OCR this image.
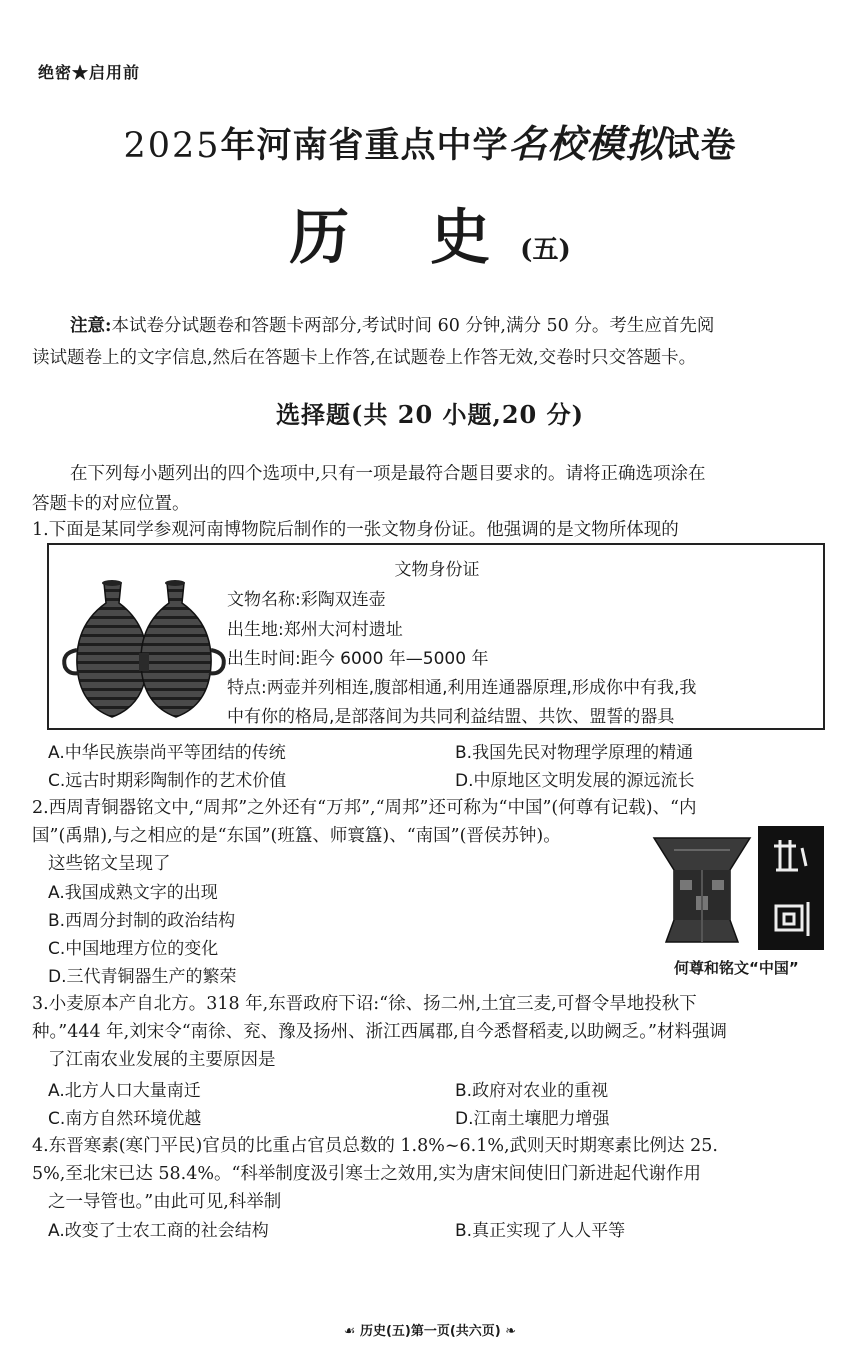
绝密★启用前
2025年河南省重点中学名校模拟试卷
历 史(五)
注意:本试卷分试题卷和答题卡两部分,考试时间 60 分钟,满分 50 分。考生应首先阅
读试题卷上的文字信息,然后在答题卡上作答,在试题卷上作答无效,交卷时只交答题卡。
选择题(共 20 小题,20 分)
在下列每小题列出的四个选项中,只有一项是最符合题目要求的。请将正确选项涂在
答题卡的对应位置。
1.下面是某同学参观河南博物院后制作的一张文物身份证。他强调的是文物所体现的
文物身份证
文物名称:彩陶双连壶
出生地:郑州大河村遗址
出生时间:距今 6000 年—5000 年
特点:两壶并列相连,腹部相通,利用连通器原理,形成你中有我,我
中有你的格局,是部落间为共同利益结盟、共饮、盟誓的器具
A.中华民族崇尚平等团结的传统	B.我国先民对物理学原理的精通
C.远古时期彩陶制作的艺术价值	D.中原地区文明发展的源远流长
2.西周青铜器铭文中,“周邦”之外还有“万邦”,“周邦”还可称为“中国”(何尊有记载)、“内
国”(禹鼎),与之相应的是“东国”(班簋、师寰簋)、“南国”(晋侯苏钟)。
这些铭文呈现了
A.我国成熟文字的出现
B.西周分封制的政治结构
C.中国地理方位的变化
D.三代青铜器生产的繁荣	何尊和铭文“中国”
3.小麦原本产自北方。318 年,东晋政府下诏:“徐、扬二州,土宜三麦,可督令旱地投秋下
种。”444 年,刘宋令“南徐、兖、豫及扬州、浙江西属郡,自今悉督稻麦,以助阙乏。”材料强调
了江南农业发展的主要原因是
A.北方人口大量南迁	B.政府对农业的重视
C.南方自然环境优越	D.江南土壤肥力增强
4.东晋寒素(寒门平民)官员的比重占官员总数的 1.8%~6.1%,武则天时期寒素比例达 25.
5%,至北宋已达 58.4%。“科举制度汲引寒士之效用,实为唐宋间使旧门新进起代谢作用
之一导管也。”由此可见,科举制
A.改变了士农工商的社会结构	B.真正实现了人人平等
☙ 历史(五)第一页(共六页) ❧
